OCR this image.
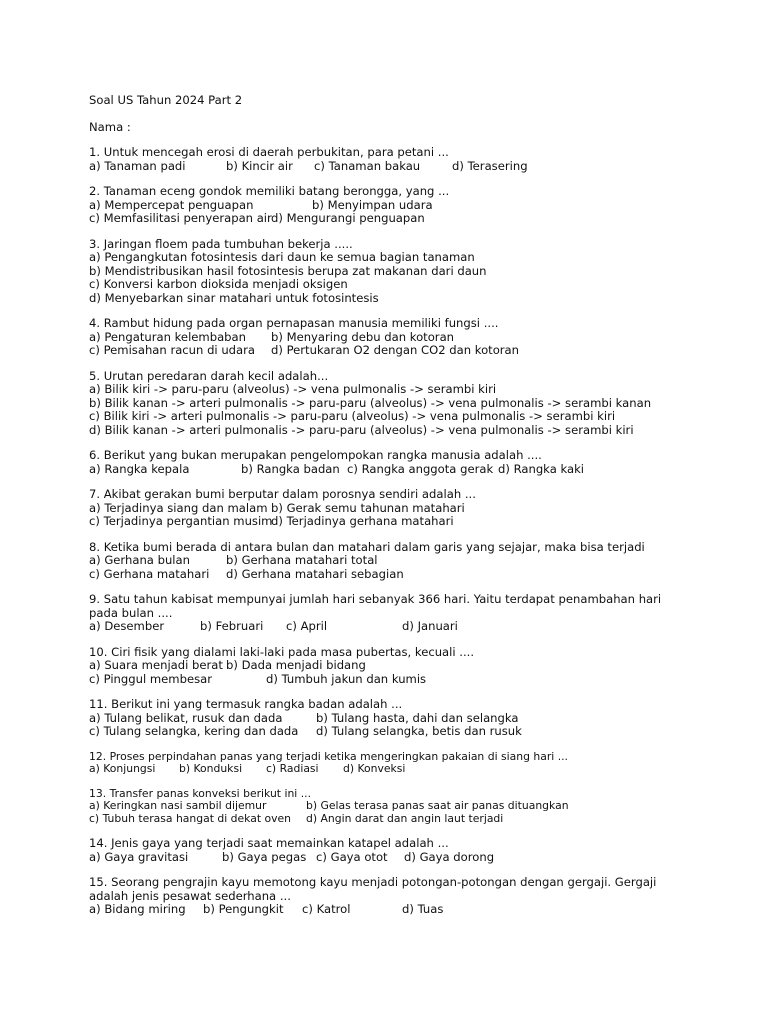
Soal US Tahun 2024 Part 2
Nama :
1. Untuk mencegah erosi di daerah perbukitan, para petani ...
a) Tanaman padi	b) Kincir air c) Tanaman bakau	d) Terasering
2. Tanaman eceng gondok memiliki batang berongga, yang ...
a) Mempercepat penguapan	b) Menyimpan udara
c) Memfasilitasi penyerapan air d) Mengurangi penguapan
3. Jaringan floem pada tumbuhan bekerja .....
a) Pengangkutan fotosintesis dari daun ke semua bagian tanaman
b) Mendistribusikan hasil fotosintesis berupa zat makanan dari daun
c) Konversi karbon dioksida menjadi oksigen
d) Menyebarkan sinar matahari untuk fotosintesis
4. Rambut hidung pada organ pernapasan manusia memiliki fungsi ....
a) Pengaturan kelembaban b) Menyaring debu dan kotoran
c) Pemisahan racun di udara d) Pertukaran O2 dengan CO2 dan kotoran
5. Urutan peredaran darah kecil adalah...
a) Bilik kiri -> paru-paru (alveolus) -> vena pulmonalis -> serambi kiri
b) Bilik kanan -> arteri pulmonalis -> paru-paru (alveolus) -> vena pulmonalis -> serambi kanan
c) Bilik kiri -> arteri pulmonalis -> paru-paru (alveolus) -> vena pulmonalis -> serambi kiri
d) Bilik kanan -> arteri pulmonalis -> paru-paru (alveolus) -> vena pulmonalis -> serambi kiri
6. Berikut yang bukan merupakan pengelompokan rangka manusia adalah ....
a) Rangka kepala	b) Rangka badan c) Rangka anggota gerak d) Rangka kaki
7. Akibat gerakan bumi berputar dalam porosnya sendiri adalah ...
a) Terjadinya siang dan malam b) Gerak semu tahunan matahari
c) Terjadinya pergantian musim
d) Terjadinya gerhana matahari
8. Ketika bumi berada di antara bulan dan matahari dalam garis yang sejajar, maka bisa terjadi
a) Gerhana bulan	b) Gerhana matahari total
c) Gerhana matahari d) Gerhana matahari sebagian
9. Satu tahun kabisat mempunyai jumlah hari sebanyak 366 hari. Yaitu terdapat penambahan hari pada bulan ....
a) Desember	b) Februari c) April	d) Januari
10. Ciri fisik yang dialami laki-laki pada masa pubertas, kecuali ....
a) Suara menjadi berat b) Dada menjadi bidang
c) Pinggul membesar	d) Tumbuh jakun dan kumis
11. Berikut ini yang termasuk rangka badan adalah ...
a) Tulang belikat, rusuk dan dada	b) Tulang hasta, dahi dan selangka
c) Tulang selangka, kering dan dada d) Tulang selangka, betis dan rusuk
12. Proses perpindahan panas yang terjadi ketika mengeringkan pakaian di siang hari ...
a) Konjungsi b) Konduksi c) Radiasi d) Konveksi
13. Transfer panas konveksi berikut ini ...
a) Keringkan nasi sambil dijemur	b) Gelas terasa panas saat air panas dituangkan
c) Tubuh terasa hangat di dekat oven d) Angin darat dan angin laut terjadi
14. Jenis gaya yang terjadi saat memainkan katapel adalah ...
a) Gaya gravitasi	b) Gaya pegas c) Gaya otot d) Gaya dorong
15. Seorang pengrajin kayu memotong kayu menjadi potongan-potongan dengan gergaji. Gergaji adalah jenis pesawat sederhana ...
a) Bidang miring b) Pengungkit c) Katrol	d) Tuas
